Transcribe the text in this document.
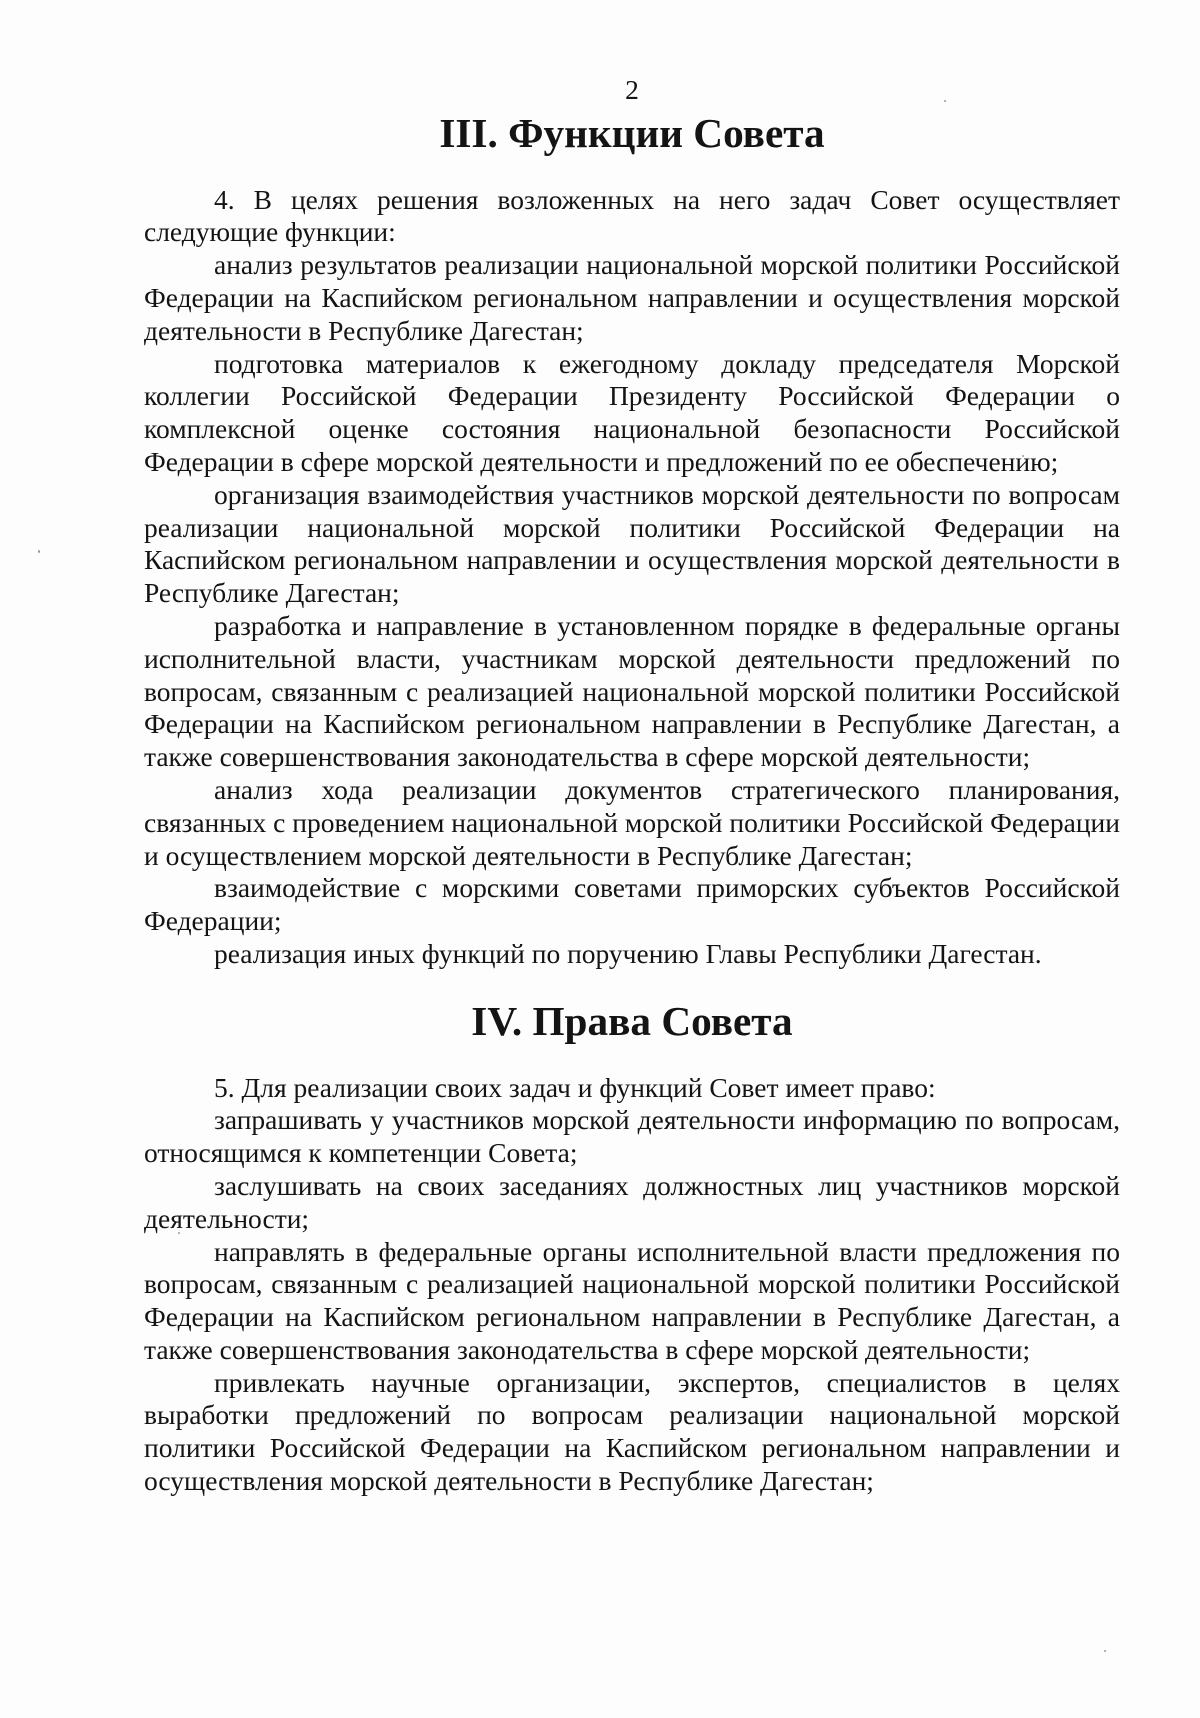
2
III. Функции Совета

4. В целях решения возложенных на него задач Совет осуществляет следующие функции:

анализ результатов реализации национальной морской политики Российской Федерации на Каспийском региональном направлении и осуществления морской деятельности в Республике Дагестан;

подготовка материалов к ежегодному докладу председателя Морской коллегии Российской Федерации Президенту Российской Федерации о комплексной оценке состояния национальной безопасности Российской Федерации в сфере морской деятельности и предложений по ее обеспечению;

организация взаимодействия участников морской деятельности по вопросам реализации национальной морской политики Российской Федерации на Каспийском региональном направлении и осуществления морской деятельности в Республике Дагестан;

разработка и направление в установленном порядке в федеральные органы исполнительной власти, участникам морской деятельности предложений по вопросам, связанным с реализацией национальной морской политики Российской Федерации на Каспийском региональном направлении в Республике Дагестан, а также совершенствования законодательства в сфере морской деятельности;

анализ хода реализации документов стратегического планирования, связанных с проведением национальной морской политики Российской Федерации и осуществлением морской деятельности в Республике Дагестан;

взаимодействие с морскими советами приморских субъектов Российской Федерации;

реализация иных функций по поручению Главы Республики Дагестан.

IV. Права Совета

5. Для реализации своих задач и функций Совет имеет право:

запрашивать у участников морской деятельности информацию по вопросам, относящимся к компетенции Совета;

заслушивать на своих заседаниях должностных лиц участников морской деятельности;

направлять в федеральные органы исполнительной власти предложения по вопросам, связанным с реализацией национальной морской политики Российской Федерации на Каспийском региональном направлении в Республике Дагестан, а также совершенствования законодательства в сфере морской деятельности;

привлекать научные организации, экспертов, специалистов в целях выработки предложений по вопросам реализации национальной морской политики Российской Федерации на Каспийском региональном направлении и осуществления морской деятельности в Республике Дагестан;
